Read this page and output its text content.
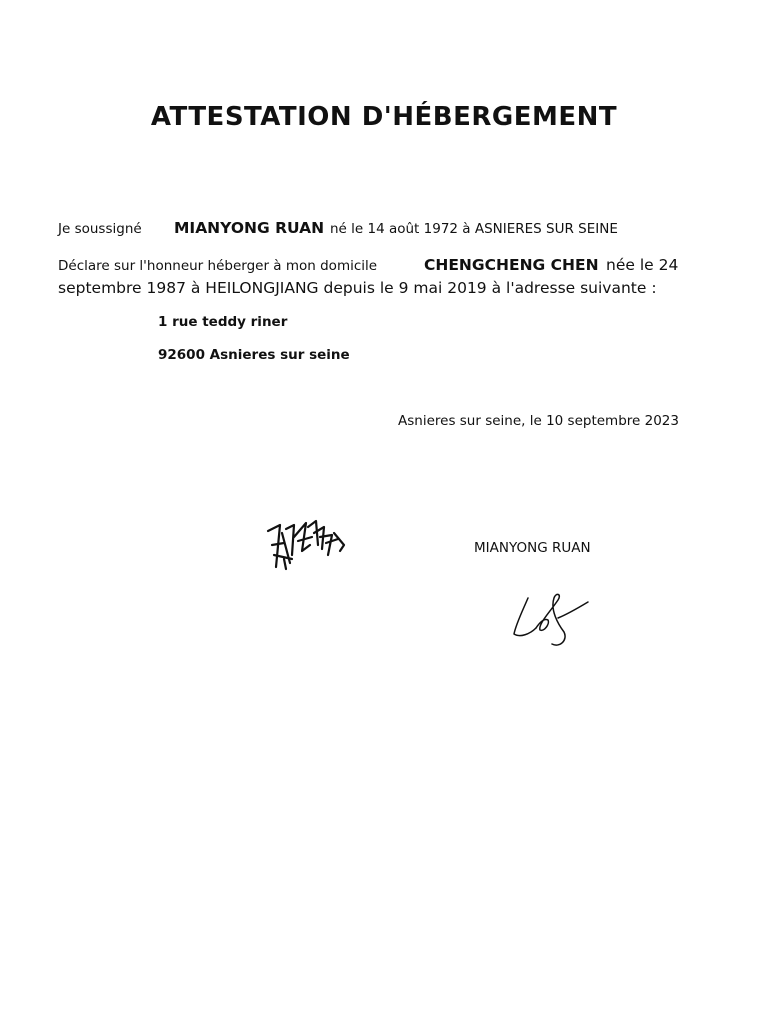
ATTESTATION D'HÉBERGEMENT
Je soussigné MIANYONG RUAN né le 14 août 1972 à ASNIERES SUR SEINE
Déclare sur l'honneur héberger à mon domicile	CHENGCHENG CHEN née le 24
septembre 1987 à HEILONGJIANG depuis le 9 mai 2019 à l'adresse suivante :
1 rue teddy riner
92600 Asnieres sur seine
Asnieres sur seine, le 10 septembre 2023
MIANYONG RUAN
